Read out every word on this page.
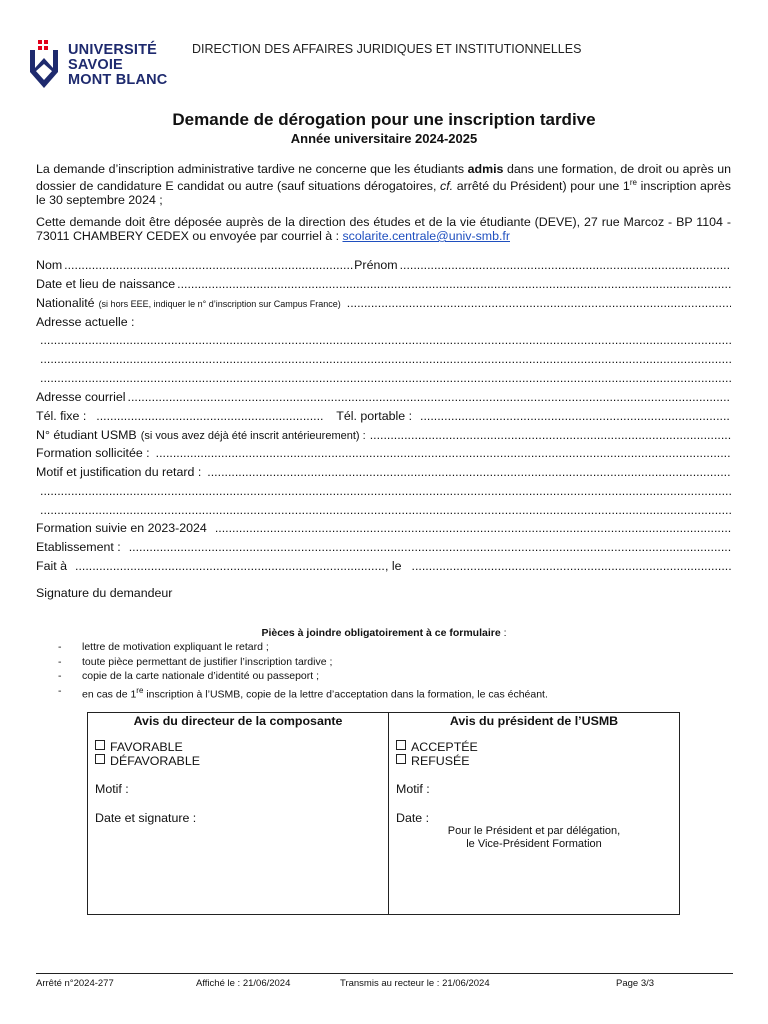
UNIVERSITÉ
SAVOIE
MONT BLANC
DIRECTION DES AFFAIRES JURIDIQUES ET INSTITUTIONNELLES
Demande de dérogation pour une inscription tardive
Année universitaire 2024-2025
La demande d’inscription administrative tardive ne concerne que les étudiants admis dans une formation, de droit ou après un dossier de candidature E candidat ou autre (sauf situations dérogatoires, cf. arrêté du Président) pour une 1re inscription après le 30 septembre 2024 ;
Cette demande doit être déposée auprès de la direction des études et de la vie étudiante (DEVE), 27 rue Marcoz - BP 1104 - 73011 CHAMBERY CEDEX ou envoyée par courriel à : scolarite.centrale@univ-smb.fr
Nom .....	Prénom
.....
Date et lieu de naissance
.....
Nationalité (si hors EEE, indiquer le n° d’inscription sur Campus France)
.....
Adresse actuelle :
.....
.....
.....
Adresse courriel
.....
Tél. fixe : .....	Tél. portable :
.....
N° étudiant USMB (si vous avez déjà été inscrit antérieurement) :
.....
Formation sollicitée :
.....
Motif et justification du retard :
.....
.....
.....
Formation suivie en 2023-2024
.....
Etablissement :
.....
Fait à .....	, le
.....
Signature du demandeur
Pièces à joindre obligatoirement à ce formulaire :
-	lettre de motivation expliquant le retard ;
-	toute pièce permettant de justifier l’inscription tardive ;
-	copie de la carte nationale d’identité ou passeport ;
-	en cas de 1re inscription à l’USMB, copie de la lettre d’acceptation dans la formation, le cas échéant.
Avis du directeur de la composante
FAVORABLE
DÉFAVORABLE
Motif :
Date et signature :
Avis du président de l’USMB
ACCEPTÉE
REFUSÉE
Motif :
Date :
Pour le Président et par délégation,
le Vice-Président Formation
Arrêté n°2024-277	Affiché le : 21/06/2024	Transmis au recteur le : 21/06/2024	Page 3/3
